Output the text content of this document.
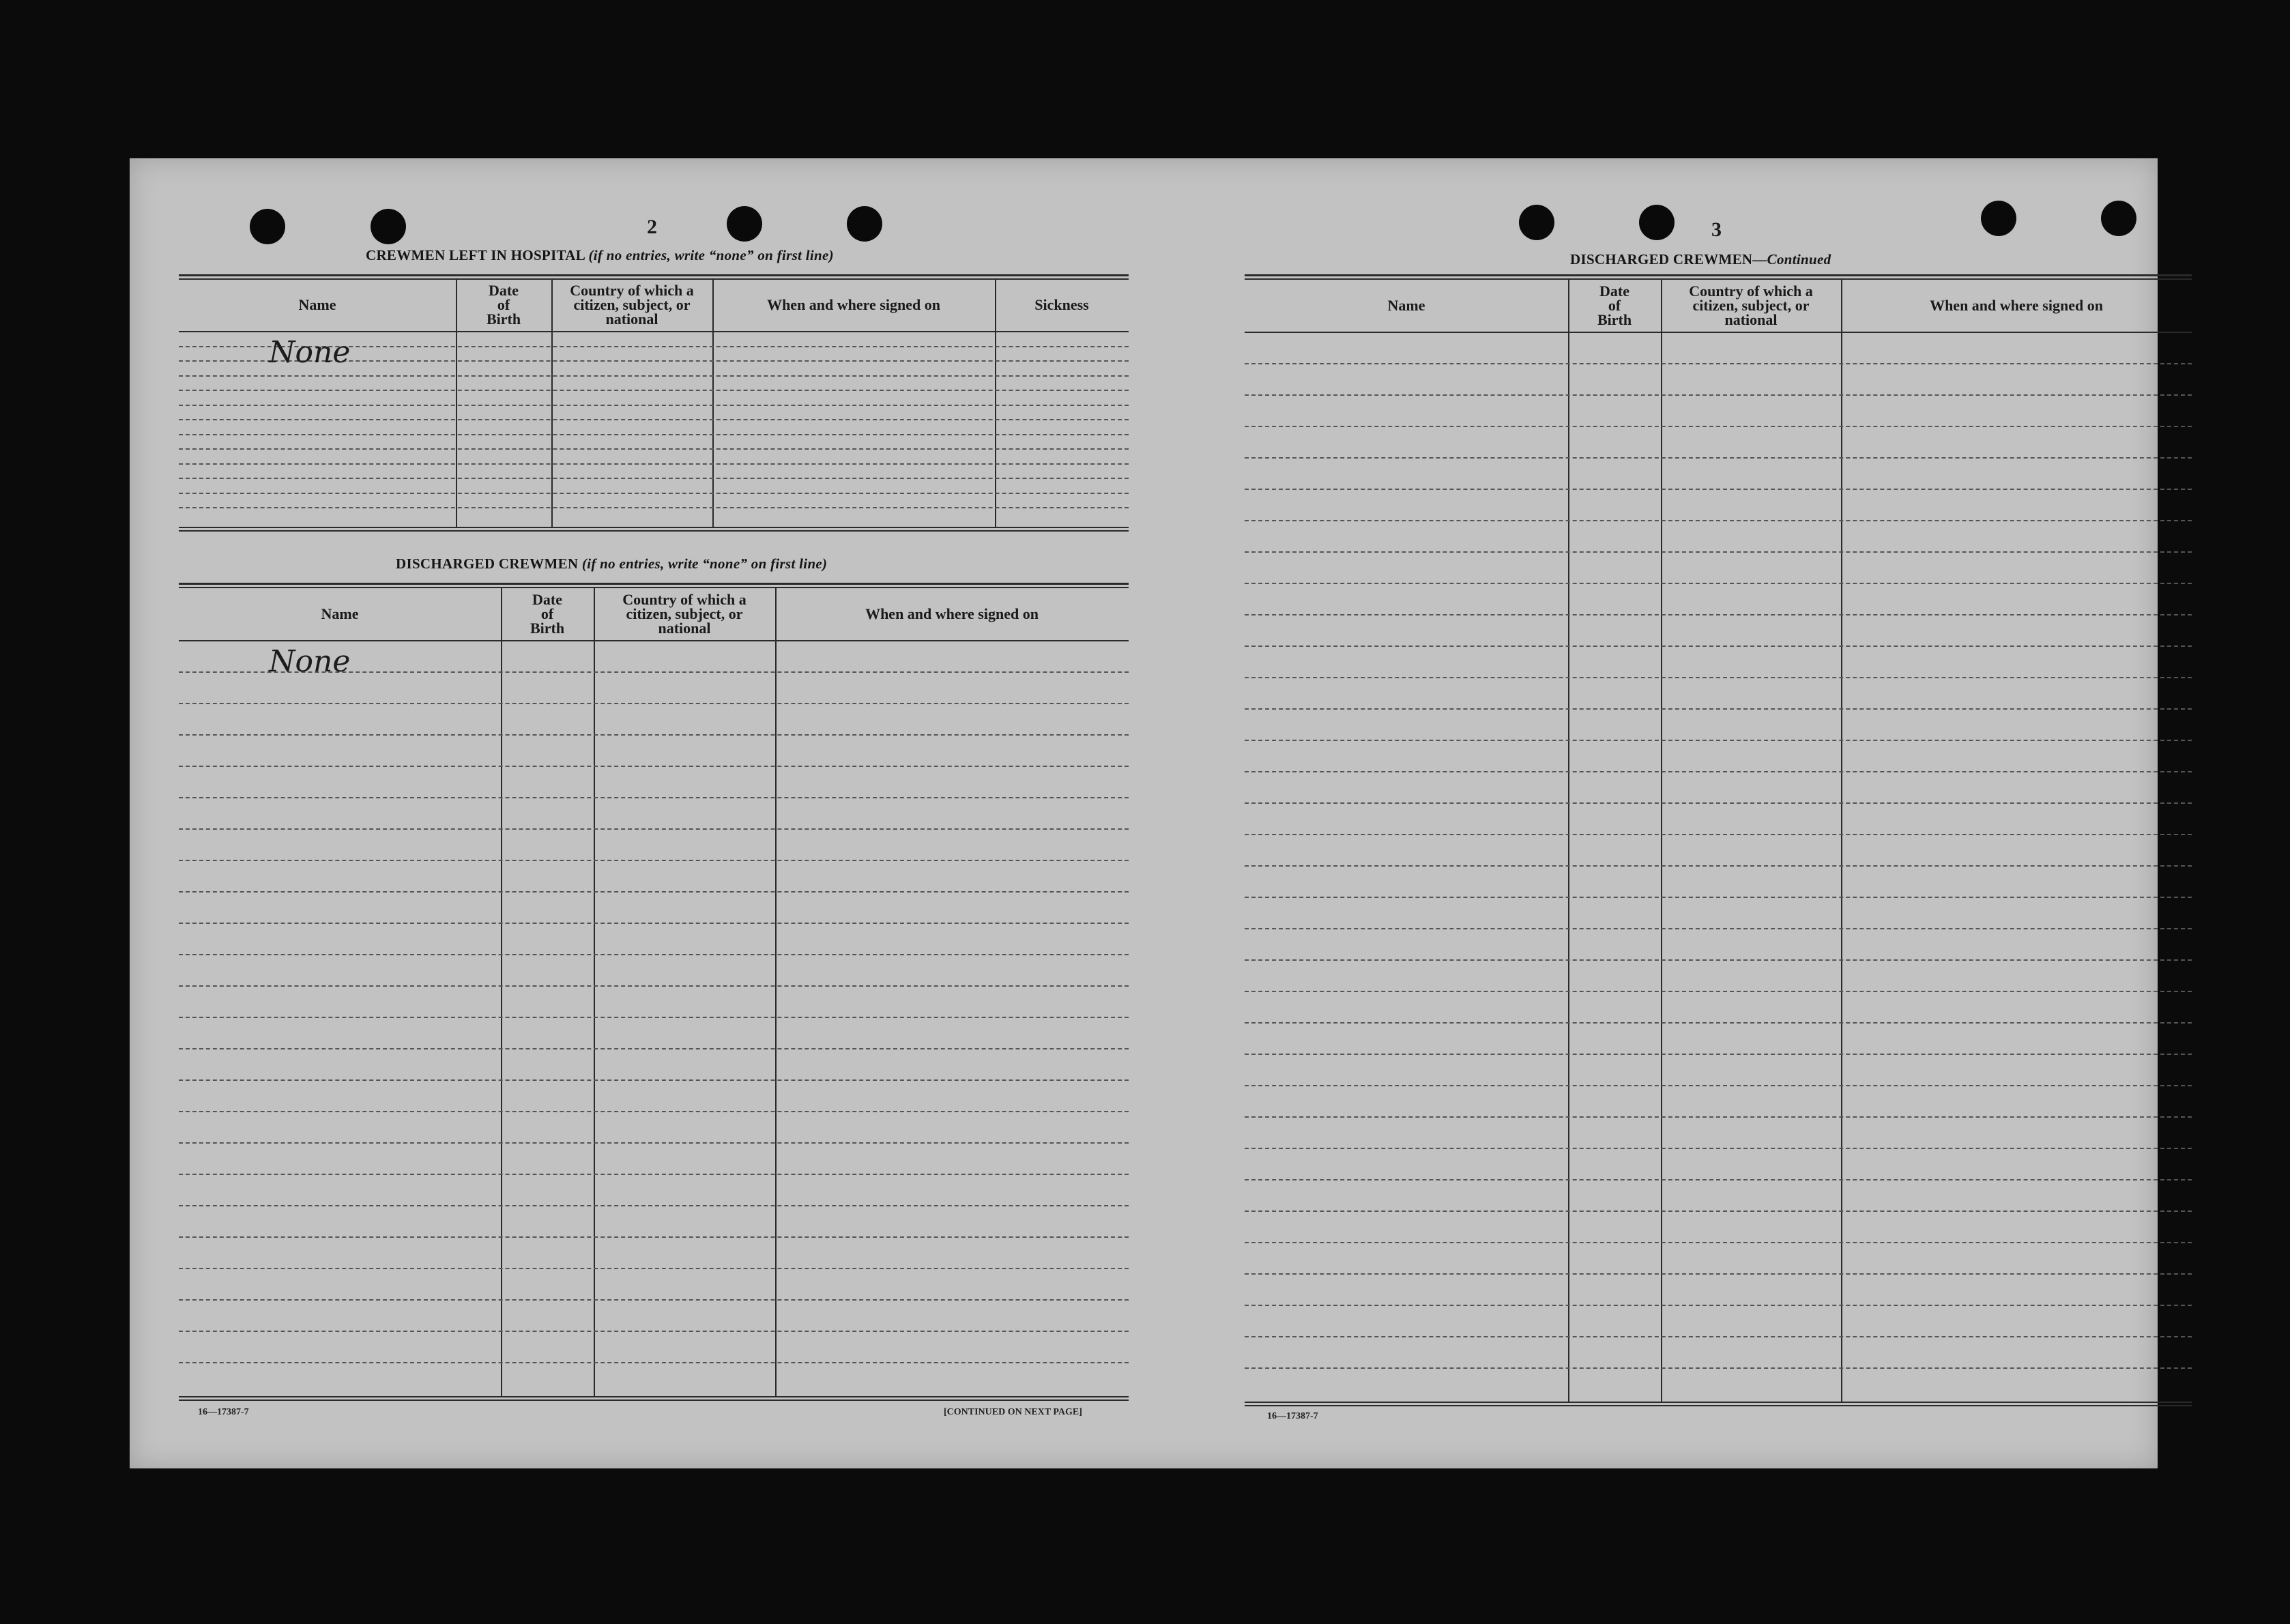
2
CREWMEN LEFT IN HOSPITAL (if no entries, write “none” on first line)
Name
Date
of
Birth
Country of which a
citizen, subject, or
national
When and where signed on	Sickness
None
DISCHARGED CREWMEN (if no entries, write “none” on first line)
Name
Date
of
Birth
Country of which a
citizen, subject, or
national
When and where signed on
None
16—17387-7	[CONTINUED ON NEXT PAGE]
3
DISCHARGED CREWMEN—Continued
Name
Date
of
Birth
Country of which a
citizen, subject, or
national
When and where signed on
16—17387-7
